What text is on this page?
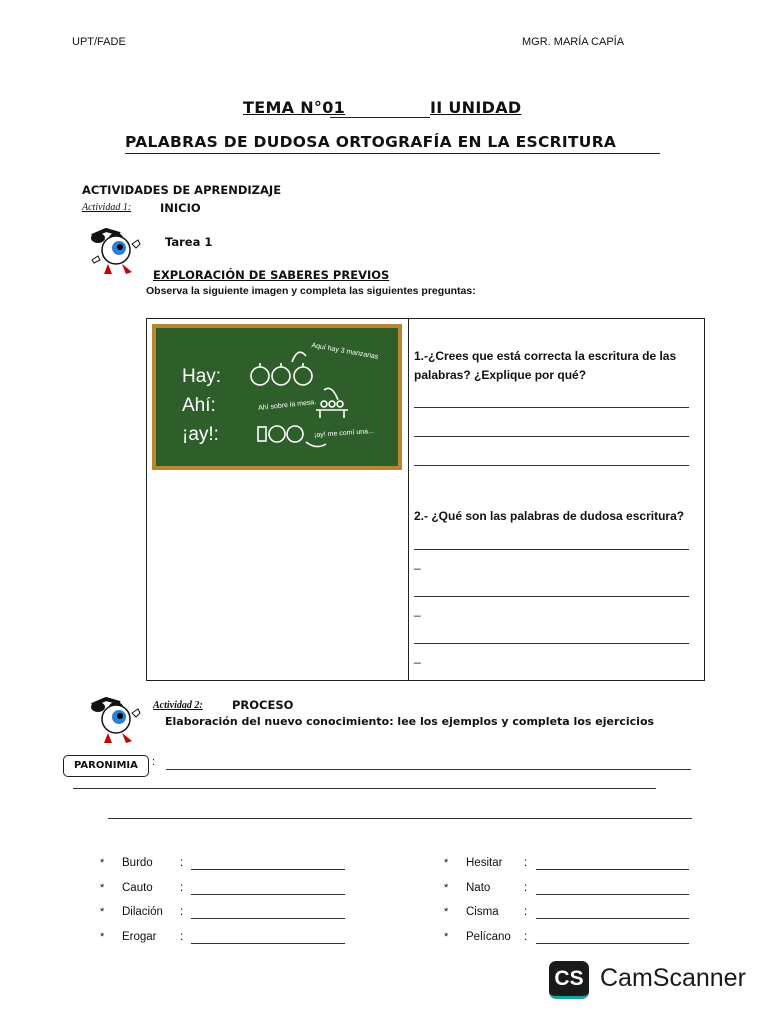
UPT/FADE	MGR. MARÍA CAPÍA
TEMA N°01	II UNIDAD
PALABRAS DE DUDOSA ORTOGRAFÍA EN LA ESCRITURA
ACTIVIDADES DE APRENDIZAJE
Actividad 1:	INICIO
Tarea 1
EXPLORACIÓN DE SABERES PREVIOS
Observa la siguiente imagen y completa las siguientes preguntas:
Hay:
Ahí:
¡ay!:
Aquí hay 3 manzanas
Ahí sobre la mesa.
¡ay! me comí una...
1.-¿Crees que está correcta la escritura de las palabras? ¿Explique por qué?
2.- ¿Qué son las palabras de dudosa escritura?
_
_
_
Actividad 2:	PROCESO
Elaboración del nuevo conocimiento: lee los ejemplos y completa los ejercicios
PARONIMIA	:
* Burdo :
* Cauto :
* Dilación :
* Erogar :
* Hesitar :
* Nato	:
* Cisma :
* Pelícano :
CS CamScanner
